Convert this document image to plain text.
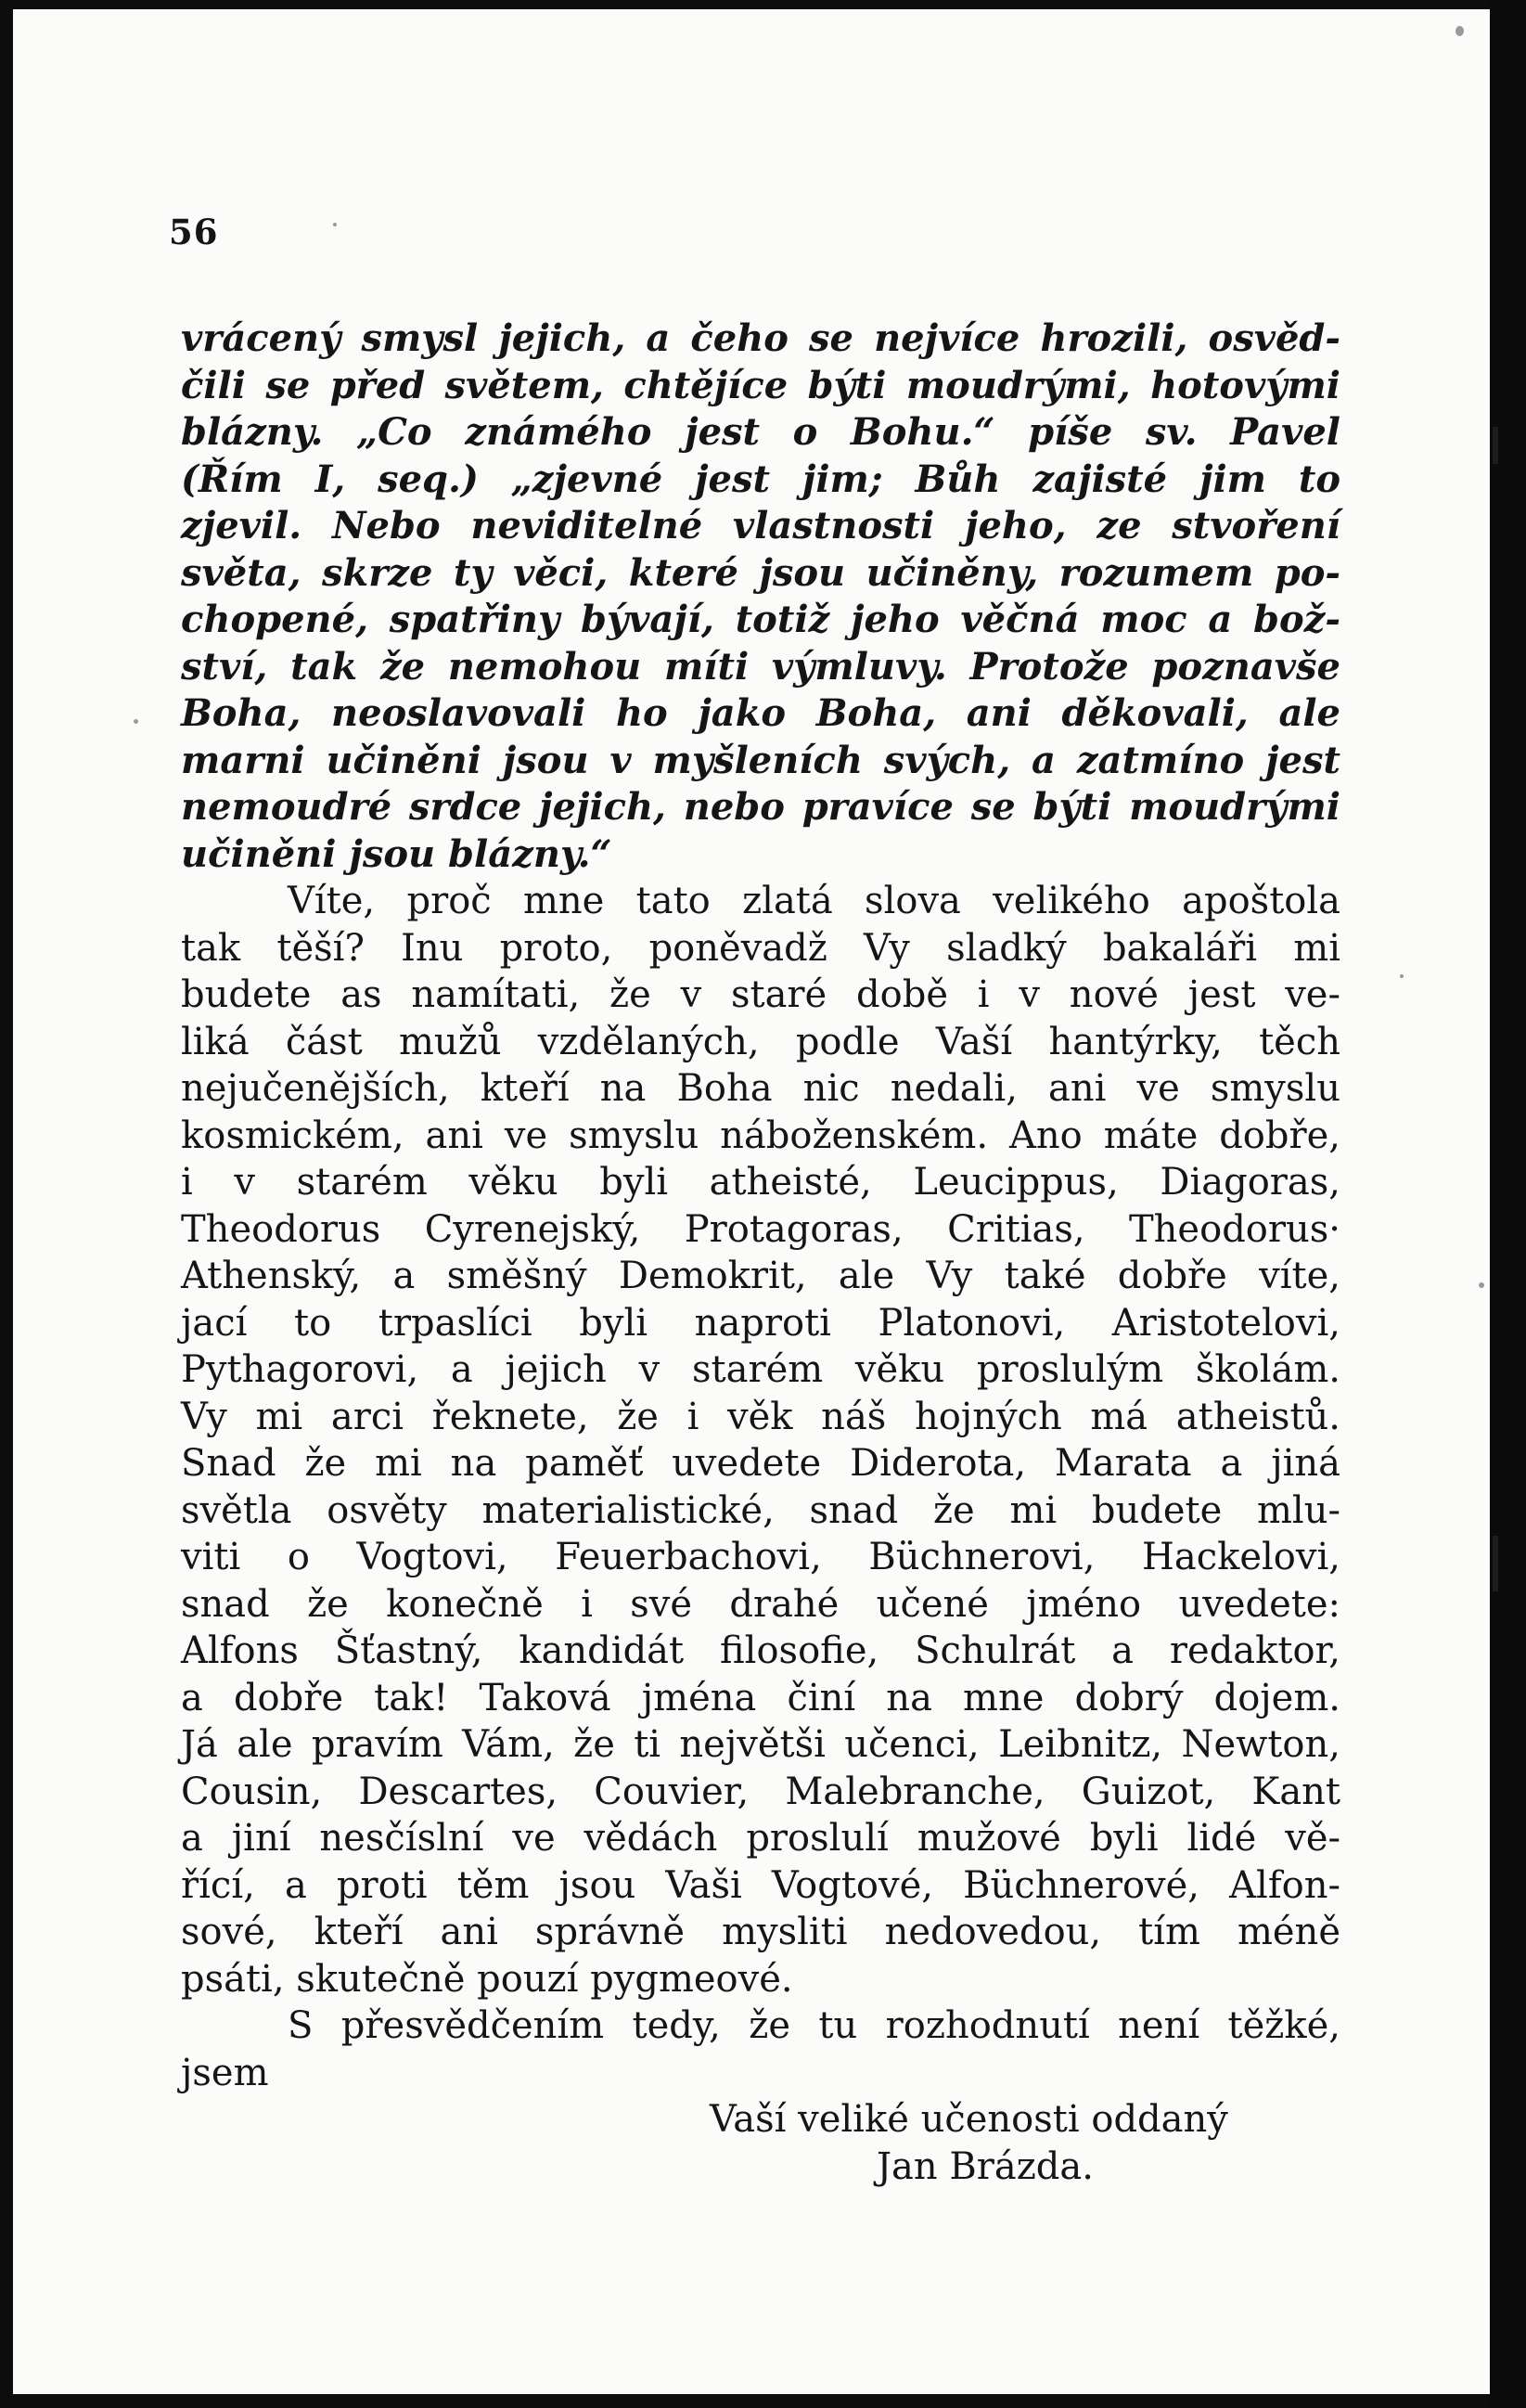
56
vrácený smysl jejich, a čeho se nejvíce hrozili, osvěd-
čili se před světem, chtějíce býti moudrými, hotovými
blázny. „Co známého jest o Bohu.“ píše sv. Pavel
(Řím I, seq.) „zjevné jest jim; Bůh zajisté jim to
zjevil. Nebo neviditelné vlastnosti jeho, ze stvoření
světa, skrze ty věci, které jsou učiněny, rozumem po-
chopené, spatřiny bývají, totiž jeho věčná moc a bož-
ství, tak že nemohou míti výmluvy. Protože poznavše
Boha, neoslavovali ho jako Boha, ani děkovali, ale
marni učiněni jsou v myšleních svých, a zatmíno jest
nemoudré srdce jejich, nebo pravíce se býti moudrými
učiněni jsou blázny.“
Víte, proč mne tato zlatá slova velikého apoštola
tak těší? Inu proto, poněvadž Vy sladký bakaláři mi
budete as namítati, že v staré době i v nové jest ve-
liká část mužů vzdělaných, podle Vaší hantýrky, těch
nejučenějších, kteří na Boha nic nedali, ani ve smyslu
kosmickém, ani ve smyslu náboženském. Ano máte dobře,
i v starém věku byli atheisté, Leucippus, Diagoras,
Theodorus Cyrenejský, Protagoras, Critias, Theodorus·
Athenský, a směšný Demokrit, ale Vy také dobře víte,
jací to trpaslíci byli naproti Platonovi, Aristotelovi,
Pythagorovi, a jejich v starém věku proslulým školám.
Vy mi arci řeknete, že i věk náš hojných má atheistů.
Snad že mi na paměť uvedete Diderota, Marata a jiná
světla osvěty materialistické, snad že mi budete mlu-
viti o Vogtovi, Feuerbachovi, Büchnerovi, Hackelovi,
snad že konečně i své drahé učené jméno uvedete:
Alfons Šťastný, kandidát filosofie, Schulrát a redaktor,
a dobře tak! Taková jména činí na mne dobrý dojem.
Já ale pravím Vám, že ti největši učenci, Leibnitz, Newton,
Cousin, Descartes, Couvier, Malebranche, Guizot, Kant
a jiní nesčíslní ve vědách proslulí mužové byli lidé vě-
řící, a proti těm jsou Vaši Vogtové, Büchnerové, Alfon-
sové, kteří ani správně mysliti nedovedou, tím méně
psáti, skutečně pouzí pygmeové.
S přesvědčením tedy, že tu rozhodnutí není těžké,
jsem
Vaší veliké učenosti oddaný
Jan Brázda.
